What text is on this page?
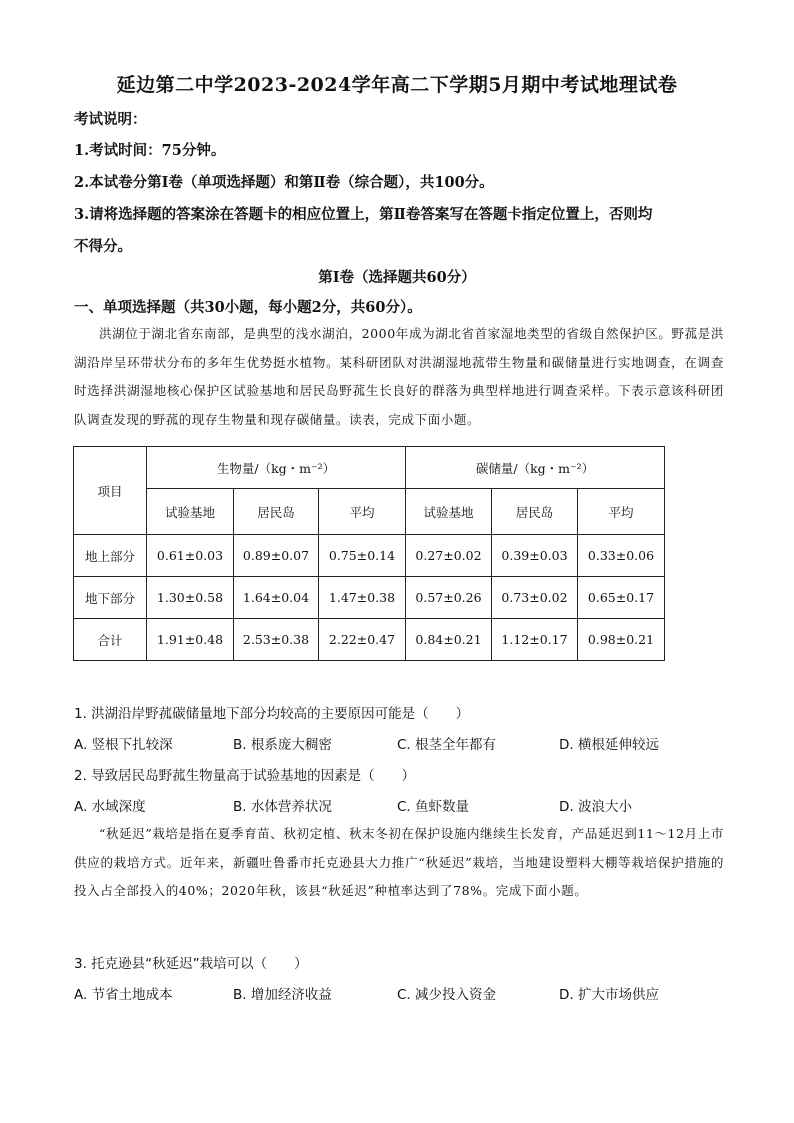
延边第二中学2023-2024学年高二下学期5月期中考试地理试卷
考试说明：
1.考试时间：75分钟。
2.本试卷分第Ⅰ卷（单项选择题）和第Ⅱ卷（综合题），共100分。
3.请将选择题的答案涂在答题卡的相应位置上，第Ⅱ卷答案写在答题卡指定位置上，否则均
不得分。
第Ⅰ卷（选择题共60分）
一、单项选择题（共30小题，每小题2分，共60分）。
洪湖位于湖北省东南部，是典型的浅水湖泊，2000年成为湖北省首家湿地类型的省级自然保护区。野菰是洪湖沿岸呈环带状分布的多年生优势挺水植物。某科研团队对洪湖湿地菰带生物量和碳储量进行实地调查，在调查时选择洪湖湿地核心保护区试验基地和居民岛野菰生长良好的群落为典型样地进行调查采样。下表示意该科研团队调查发现的野菰的现存生物量和现存碳储量。读表，完成下面小题。
项目	生物量/（kg・m⁻²）			碳储量/（kg・m⁻²）		
	试验基地	居民岛	平均	试验基地	居民岛	平均
地上部分	0.61±0.03	0.89±0.07	0.75±0.14	0.27±0.02	0.39±0.03	0.33±0.06
地下部分	1.30±0.58	1.64±0.04	1.47±0.38	0.57±0.26	0.73±0.02	0.65±0.17
合计	1.91±0.48	2.53±0.38	2.22±0.47	0.84±0.21	1.12±0.17	0.98±0.21
1. 洪湖沿岸野菰碳储量地下部分均较高的主要原因可能是（　　）
A. 竖根下扎较深	B. 根系庞大稠密	C. 根茎全年都有	D. 横根延伸较远
2. 导致居民岛野菰生物量高于试验基地的因素是（　　）
A. 水域深度	B. 水体营养状况	C. 鱼虾数量	D. 波浪大小
“秋延迟”栽培是指在夏季育苗、秋初定植、秋末冬初在保护设施内继续生长发育，产品延迟到11～12月上市供应的栽培方式。近年来，新疆吐鲁番市托克逊县大力推广“秋延迟”栽培，当地建设塑料大棚等栽培保护措施的投入占全部投入的40%；2020年秋，该县“秋延迟”种植率达到了78%。完成下面小题。
3. 托克逊县“秋延迟”栽培可以（　　）
A. 节省土地成本	B. 增加经济收益	C. 减少投入资金	D. 扩大市场供应
